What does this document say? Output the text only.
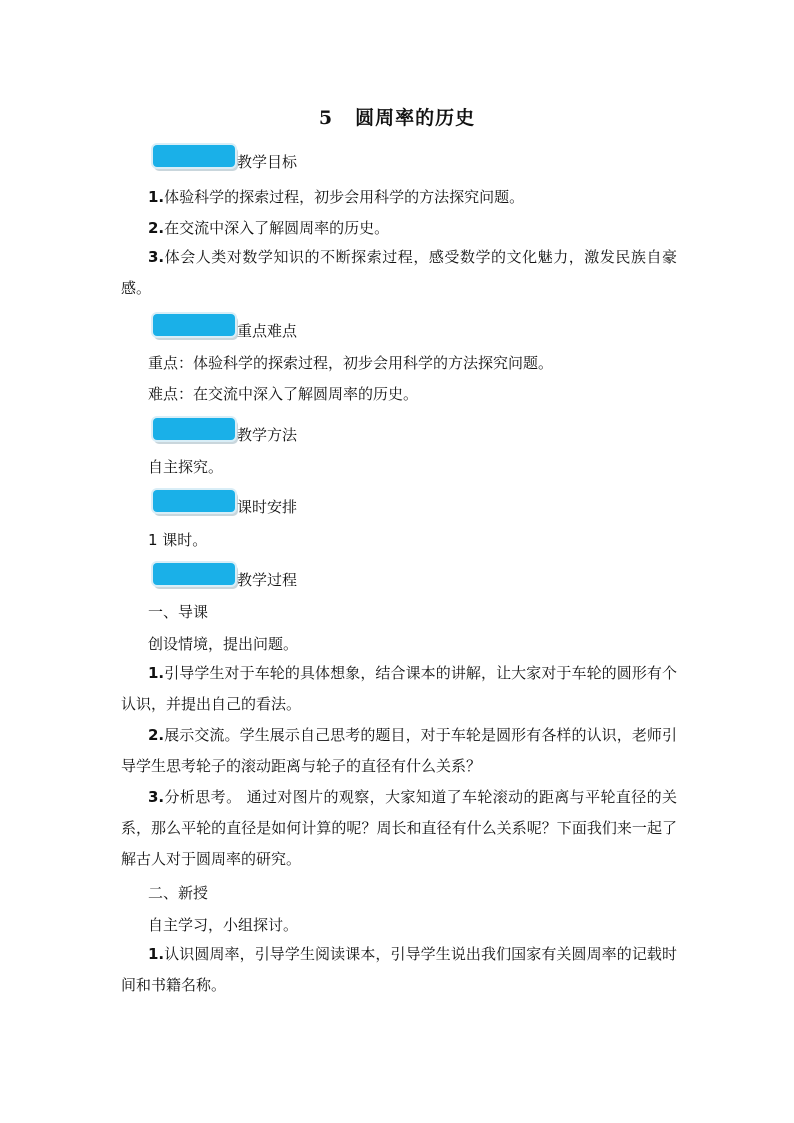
5 圆周率的历史
教学目标
1.体验科学的探索过程，初步会用科学的方法探究问题。
2.在交流中深入了解圆周率的历史。
3.体会人类对数学知识的不断探索过程，感受数学的文化魅力，激发民族自豪感。
重点难点
重点：体验科学的探索过程，初步会用科学的方法探究问题。
难点：在交流中深入了解圆周率的历史。
教学方法
自主探究。
课时安排
1 课时。
教学过程
一、导课
创设情境，提出问题。
1.引导学生对于车轮的具体想象，结合课本的讲解，让大家对于车轮的圆形有个认识，并提出自己的看法。
2.展示交流。学生展示自己思考的题目，对于车轮是圆形有各样的认识，老师引导学生思考轮子的滚动距离与轮子的直径有什么关系？
3.分析思考。 通过对图片的观察，大家知道了车轮滚动的距离与平轮直径的关系，那么平轮的直径是如何计算的呢？周长和直径有什么关系呢？下面我们来一起了解古人对于圆周率的研究。
二、新授
自主学习，小组探讨。
1.认识圆周率，引导学生阅读课本，引导学生说出我们国家有关圆周率的记载时间和书籍名称。
